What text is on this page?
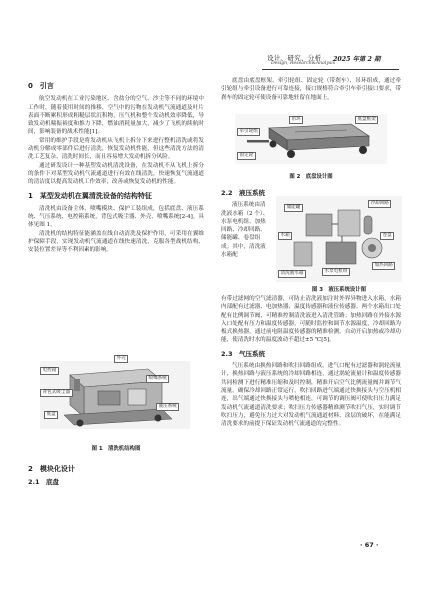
设计、研究、分析
Design, Research&Analysis
2025 年第 2 期
0　引言

航空发动机在工业污染地区、含盐分的空气、沙尘等不同的环境中工作时，随着使用时间的推移，空气中的污物在发动机气流通道及叶片表面不断累积形成粗糙层状沉积物，压气机和整个发动机效率降低，导致发动机喘振裕度和推力下降，燃油消耗量加大，减少了飞机的续航时间，影响装备的战术性能[1]。

常用的维护手段是将发动机从飞机上拆分下来进行整机清洗或将发动机分解成零部件后进行清洗，恢复发动机性能，但这些清洗方法的清洗工艺复杂、清洗时间长，而且容易增大发动机拆分风险。

通过研发设计一种基塑发动机清洗设备，在发动机不从飞机上拆分的条件下对某型发动机气流通道进行有效在线清洗，快速恢复气流通道的清洁度以提高发动机工作效率，改善或恢复发动机的性能。

1　某型发动机在翼清洗设备的结构特征

清洗机由设备主体、喷嘴模块、保护工装组成，包括底盘、液压系统、气压系统、电控箱系统，背包式吸尘器、外壳、喷嘴系统[2-4]。具体见图 1。

清洗机的结构特征能涵盖在线自动清洗及保护作用，可采用在翼维护保障手段，实现发动机气流通道在线快速清洗，克服各型战机结构、安装位置差异等不利因素的影响。

外壳
电控箱
喷嘴系统
背包式吸尘器
底盘
液压系统
图 1　清洗机结构图
2　模块化设计
2.1　底盘

底盘由底盘框架、牵引轮组、固定轮（带刹车）、吊环组成，通过牵引轮组与牵引设备进行可靠连接，接口规格符合牵引车牵引接口要求，带刹车的固定轮可使设备可靠地驻留在地面上。

吊环
牵引轮组
固定轮
底盘框架
图 2　底盘设计图
2.2　液压系统

液压系统由清洗液水箱（2 个）、水泵电机组、加热回路、冷却回路、储能罐、卷盘组成。其中，清洗液水箱配

储能罐
冷却回路
卷盘
加热回路
水泵电机组
水箱
清洗液水箱
图 3　液压系统设计图

有带过滤网的空气滤清器，可防止清洗液加注时外界异物进入水箱，水箱内部配有过滤器、电加热器、温度传感器和液位传感器。两个水箱出口处配有比例调节阀，可精准控制清洗液进入清洗管路；加热回路在外接水源入口处配有压力和温度传感器，可随时监控和调节水源温度，冷却回路为板式换热器，通过前电阻温度传感器的精准检测，自动开启加热或冷却功能，使清洗时水的温度波动不超过±5 ℃[5]。

2.3　气压系统

气压系统由换热回路和吹扫回路组成，进气口配有过滤器和涡轮流量计，换热回路与液压系统的冷却回路相连，通过涡轮流量计和温度传感器共同检测下进行精准压缩和及时控制，精准开启空气比例流量阀并调节气流量，确保冷却回路正常运行。吹扫回路进气端通过快换接头与空压机相连，出气端通过快换接头与喷枪相连，可调节的调压阀可使吹扫压力满足发动机气流通道清洗要求；吹扫压力传感器精准测节吹扫气压，实时调节吹扫压力，避免压力过大对发动机气流通道材料、涂层的破坏，在能满足清洗要求的前提下保证发动机气流通道的完整性。

· 67 ·
